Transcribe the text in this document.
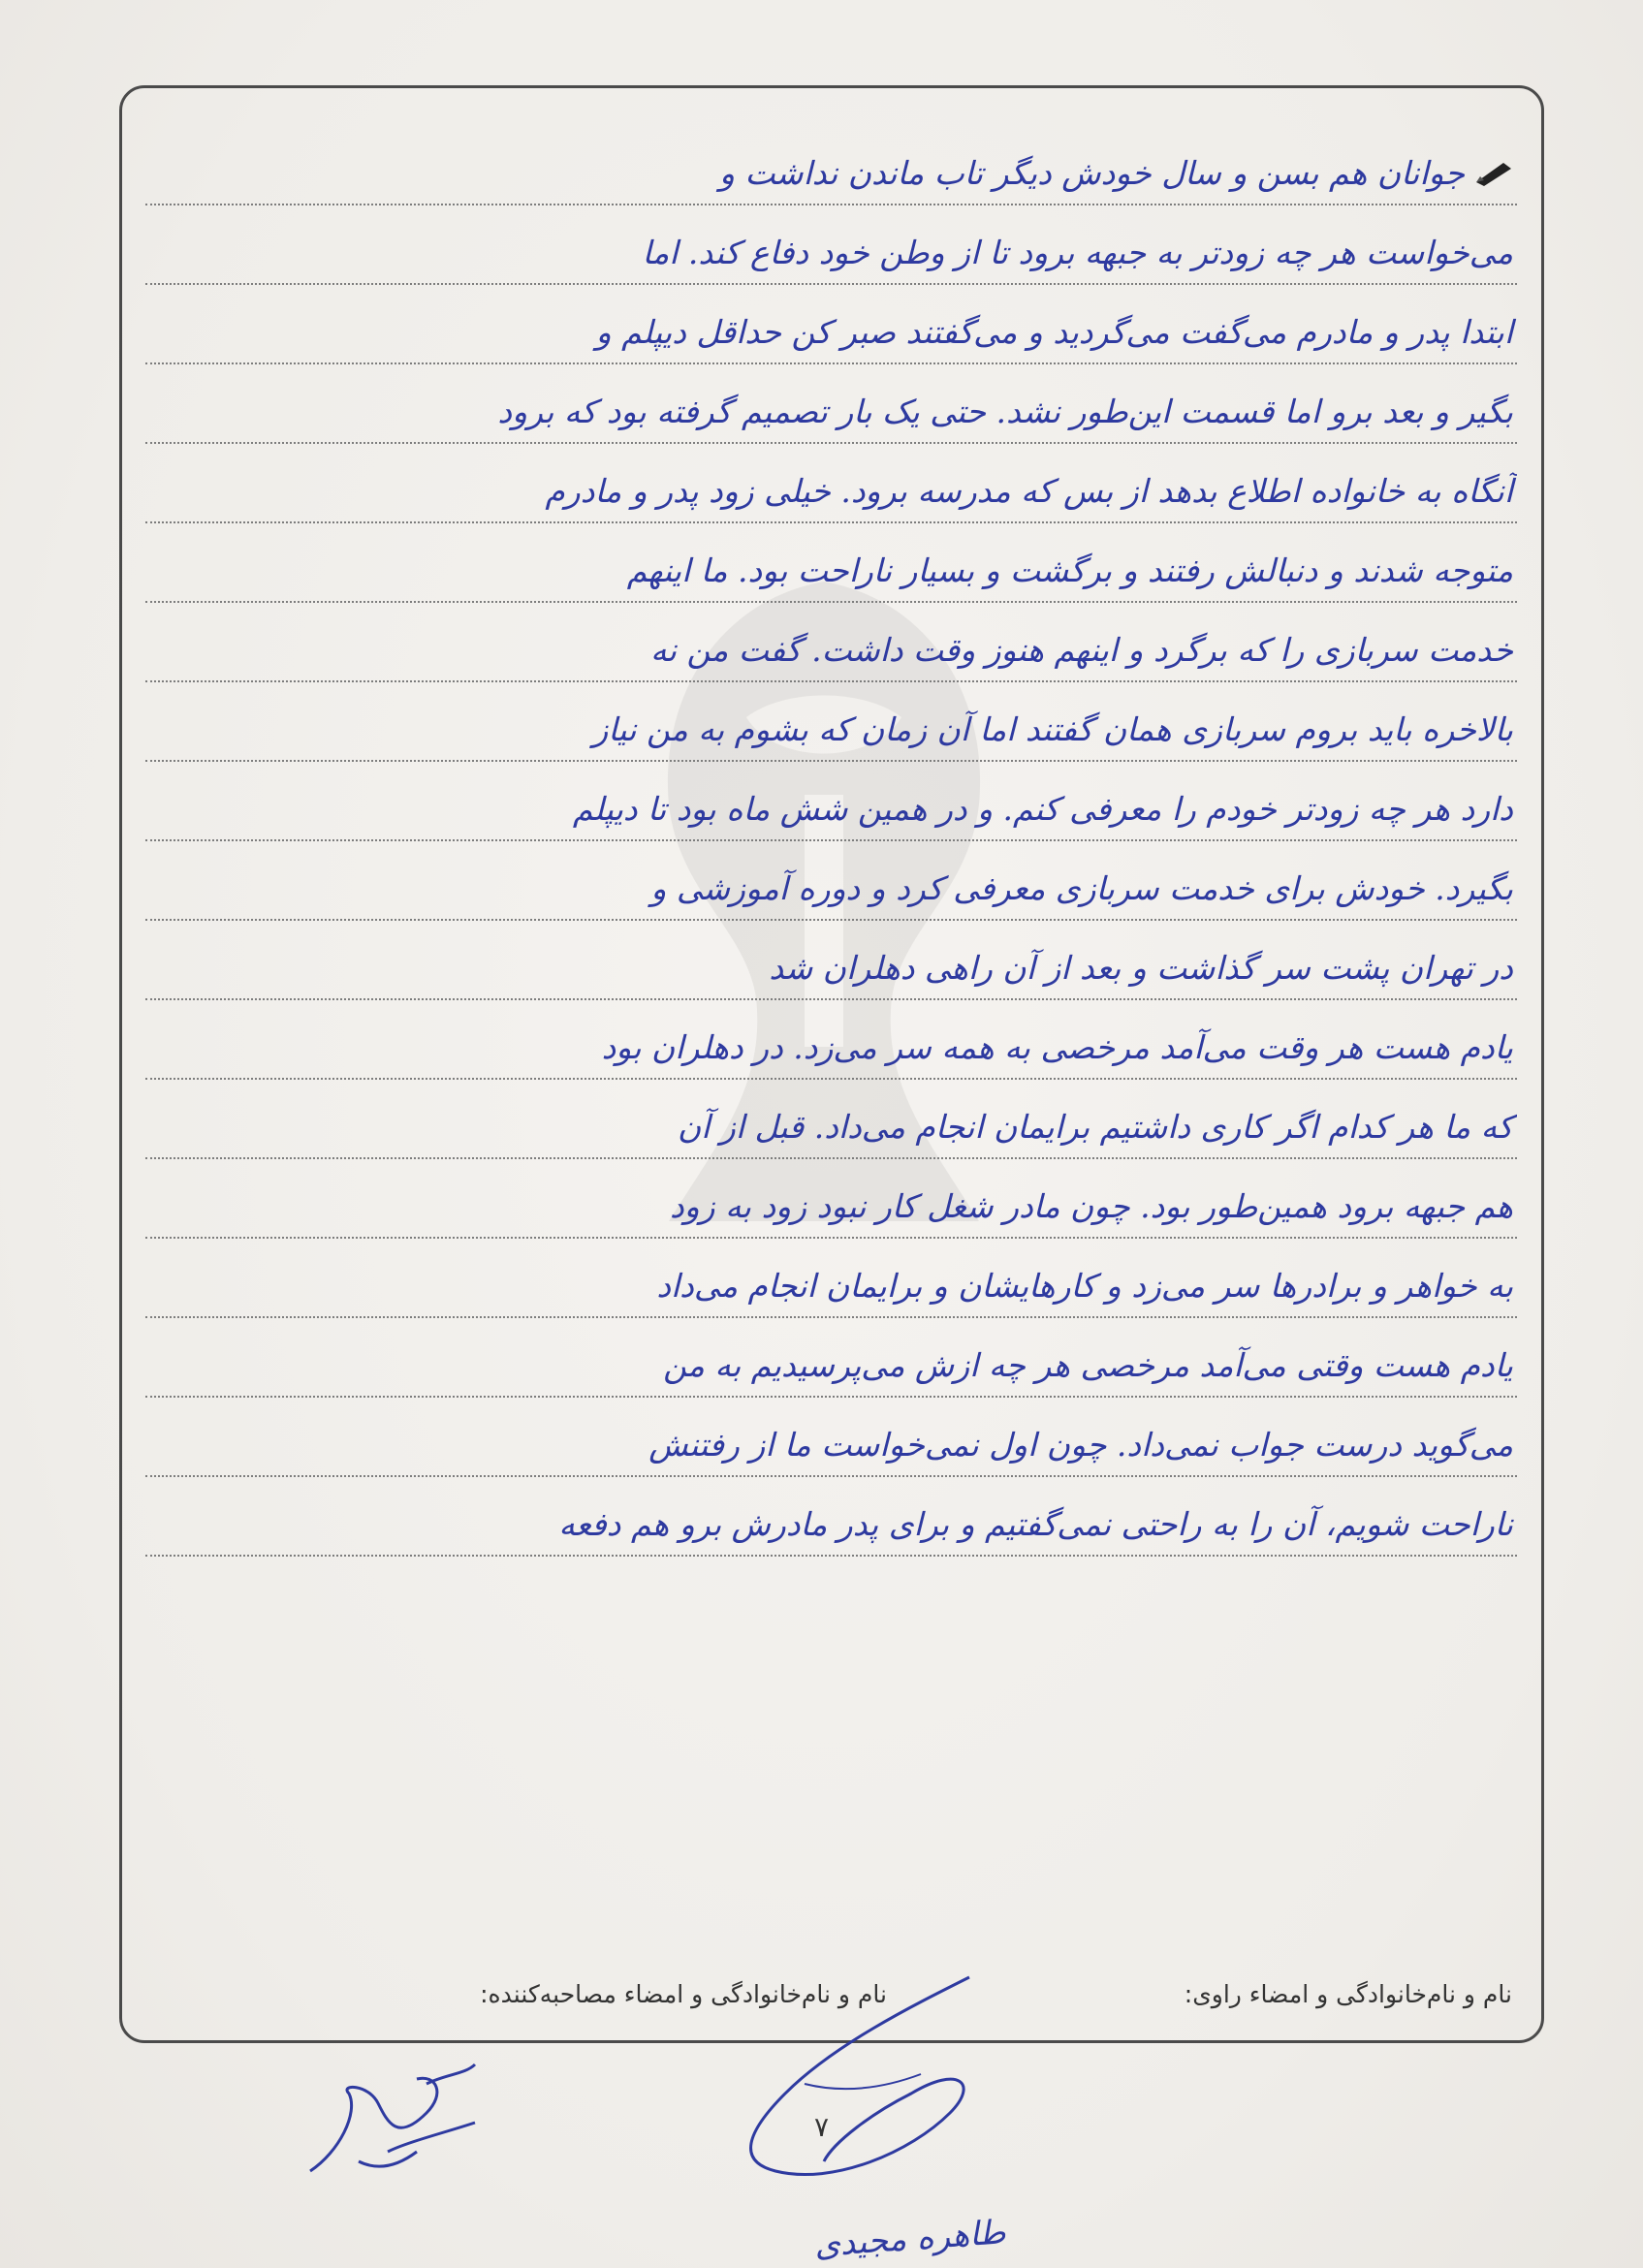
جوانان هم بسن و سال خودش دیگر تاب ماندن نداشت و
می‌خواست هر چه زودتر به جبهه برود تا از وطن خود دفاع کند. اما
ابتدا پدر و مادرم می‌گفت می‌گردید و می‌گفتند صبر کن حداقل دیپلم و
بگیر و بعد برو اما قسمت این‌طور نشد. حتی یک بار تصمیم گرفته بود که برود
آنگاه به خانواده اطلاع بدهد از بس که مدرسه برود. خیلی زود پدر و مادرم
متوجه شدند و دنبالش رفتند و برگشت و بسیار ناراحت بود. ما اینهم
خدمت سربازی را که برگرد و اینهم هنوز وقت داشت. گفت من نه
بالاخره باید بروم سربازی همان گفتند اما آن زمان که بشوم به من نیاز
دارد هر چه زودتر خودم را معرفی کنم. و در همین شش ماه بود تا دیپلم
بگیرد. خودش برای خدمت سربازی معرفی کرد و دوره آموزشی و
در تهران پشت سر گذاشت و بعد از آن راهی دهلران شد
یادم هست هر وقت می‌آمد مرخصی به همه سر می‌زد. در دهلران بود
که ما هر کدام اگر کاری داشتیم برایمان انجام می‌داد. قبل از آن
هم جبهه برود همین‌طور بود. چون مادر شغل کار نبود زود به زود
به خواهر و برادرها سر می‌زد و کارهایشان و برایمان انجام می‌داد
یادم هست وقتی می‌آمد مرخصی هر چه ازش می‌پرسیدیم به من
می‌گوید درست جواب نمی‌داد. چون اول نمی‌خواست ما از رفتنش
ناراحت شویم، آن را به راحتی نمی‌گفتیم و برای پدر مادرش برو هم دفعه
نام و نام‌خانوادگی و امضاء راوی:
نام و نام‌خانوادگی و امضاء مصاحبه‌کننده:
۷
طاهره مجیدی
